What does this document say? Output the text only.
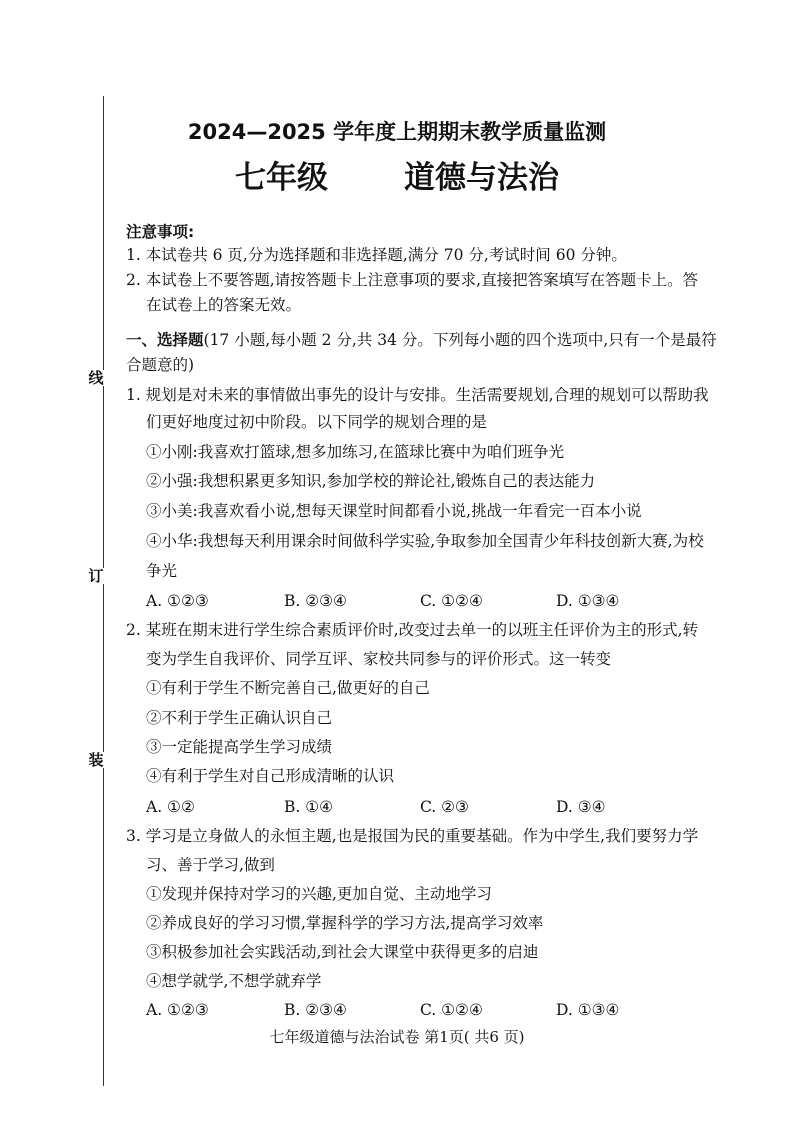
线
订
装
2024—2025 学年度上期期末教学质量监测
七年级 道德与法治
注意事项:
1. 本试卷共 6 页,分为选择题和非选择题,满分 70 分,考试时间 60 分钟。
2. 本试卷上不要答题,请按答题卡上注意事项的要求,直接把答案填写在答题卡上。答
在试卷上的答案无效。
一、选择题(17 小题,每小题 2 分,共 34 分。下列每小题的四个选项中,只有一个是最符
合题意的)
1. 规划是对未来的事情做出事先的设计与安排。生活需要规划,合理的规划可以帮助我
们更好地度过初中阶段。以下同学的规划合理的是
①小刚:我喜欢打篮球,想多加练习,在篮球比赛中为咱们班争光
②小强:我想积累更多知识,参加学校的辩论社,锻炼自己的表达能力
③小美:我喜欢看小说,想每天课堂时间都看小说,挑战一年看完一百本小说
④小华:我想每天利用课余时间做科学实验,争取参加全国青少年科技创新大赛,为校
争光
A. ①②③	B. ②③④	C. ①②④	D. ①③④
2. 某班在期末进行学生综合素质评价时,改变过去单一的以班主任评价为主的形式,转
变为学生自我评价、同学互评、家校共同参与的评价形式。这一转变
①有利于学生不断完善自己,做更好的自己
②不利于学生正确认识自己
③一定能提高学生学习成绩
④有利于学生对自己形成清晰的认识
A. ①②	B. ①④	C. ②③	D. ③④
3. 学习是立身做人的永恒主题,也是报国为民的重要基础。作为中学生,我们要努力学
习、善于学习,做到
①发现并保持对学习的兴趣,更加自觉、主动地学习
②养成良好的学习习惯,掌握科学的学习方法,提高学习效率
③积极参加社会实践活动,到社会大课堂中获得更多的启迪
④想学就学,不想学就弃学
A. ①②③	B. ②③④	C. ①②④	D. ①③④
七年级道德与法治试卷 第1页( 共6 页)
